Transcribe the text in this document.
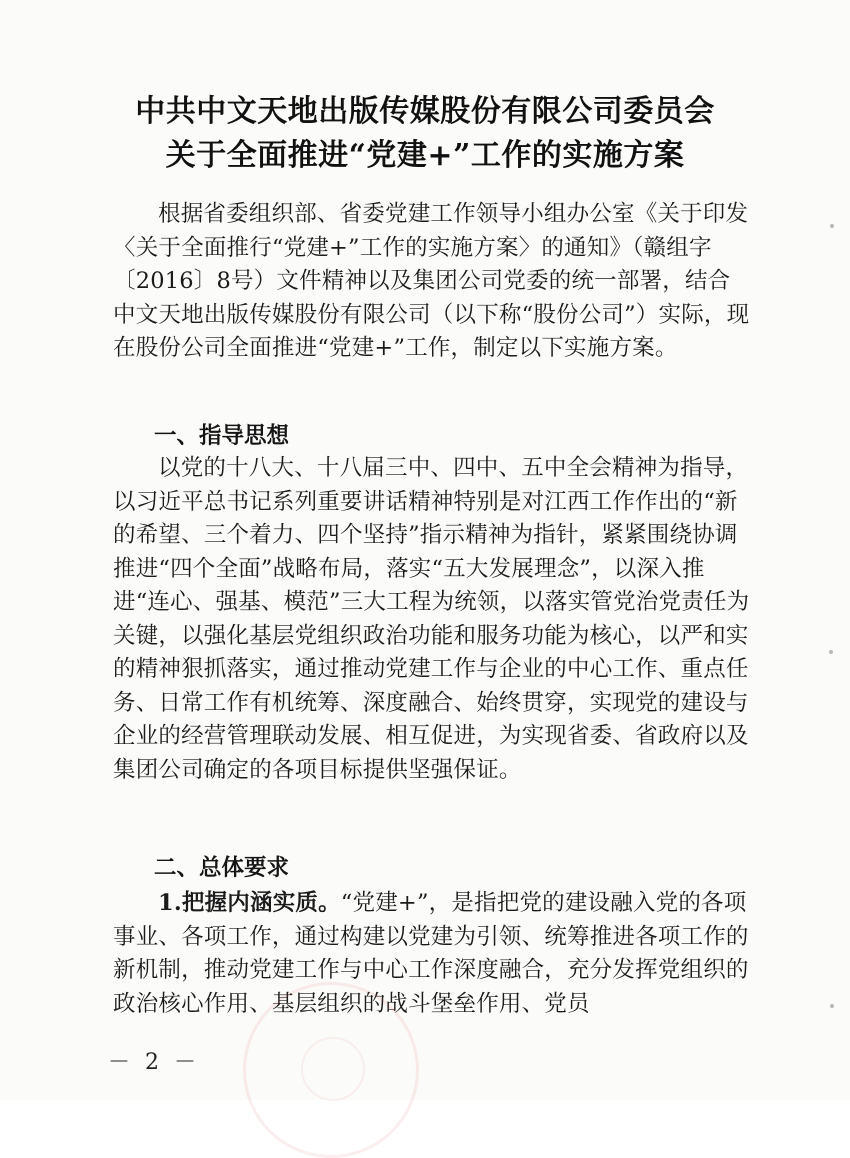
中共中文天地出版传媒股份有限公司委员会
关于全面推进“党建+”工作的实施方案

根据省委组织部、省委党建工作领导小组办公室《关于印发〈关于全面推行“党建+”工作的实施方案〉的通知》（赣组字〔2016〕8号）文件精神以及集团公司党委的统一部署，结合中文天地出版传媒股份有限公司（以下称“股份公司”）实际，现在股份公司全面推进“党建+”工作，制定以下实施方案。

一、指导思想

以党的十八大、十八届三中、四中、五中全会精神为指导，以习近平总书记系列重要讲话精神特别是对江西工作作出的“新的希望、三个着力、四个坚持”指示精神为指针，紧紧围绕协调推进“四个全面”战略布局，落实“五大发展理念”，以深入推进“连心、强基、模范”三大工程为统领，以落实管党治党责任为关键，以强化基层党组织政治功能和服务功能为核心，以严和实的精神狠抓落实，通过推动党建工作与企业的中心工作、重点任务、日常工作有机统筹、深度融合、始终贯穿，实现党的建设与企业的经营管理联动发展、相互促进，为实现省委、省政府以及集团公司确定的各项目标提供坚强保证。

二、总体要求

1.把握内涵实质。“党建+”，是指把党的建设融入党的各项事业、各项工作，通过构建以党建为引领、统筹推进各项工作的新机制，推动党建工作与中心工作深度融合，充分发挥党组织的政治核心作用、基层组织的战斗堡垒作用、党员

－ 2 －
